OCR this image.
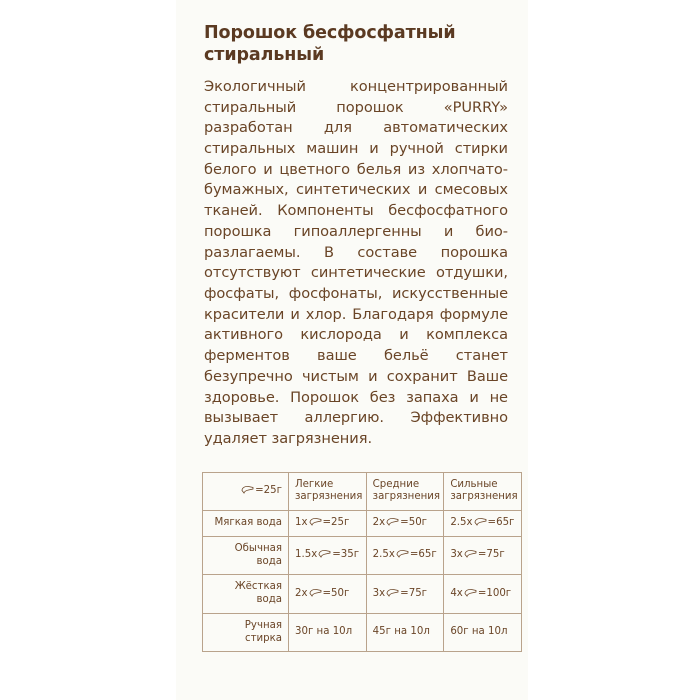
Порошок бесфосфатный стиральный

Экологичный концентрированный стиральный порошок «PURRY» разработан для автоматических стиральных машин и ручной стирки белого и цветного белья из хлопчато-бумажных, синтетических и смесовых тканей. Компоненты бесфосфатного порошка гипоаллергенны и био-разлагаемы. В составе порошка отсутствуют синтетические отдушки, фосфаты, фосфонаты, искусственные красители и хлор. Благодаря формуле активного кислорода и комплекса ферментов ваше бельё станет безупречно чистым и сохранит Ваше здоровье. Порошок без запаха и не вызывает аллергию. Эффективно удаляет загрязнения.

=25г	Легкие загрязнения	Средние загрязнения	Сильные загрязнения
Мягкая вода	1x =25г	2x =50г	2.5x =65г
Обычная вода	1.5x =35г	2.5x =65г	3x =75г
Жёсткая вода	2x =50г	3x =75г	4x =100г
Ручная стирка	30г на 10л	45г на 10л	60г на 10л
